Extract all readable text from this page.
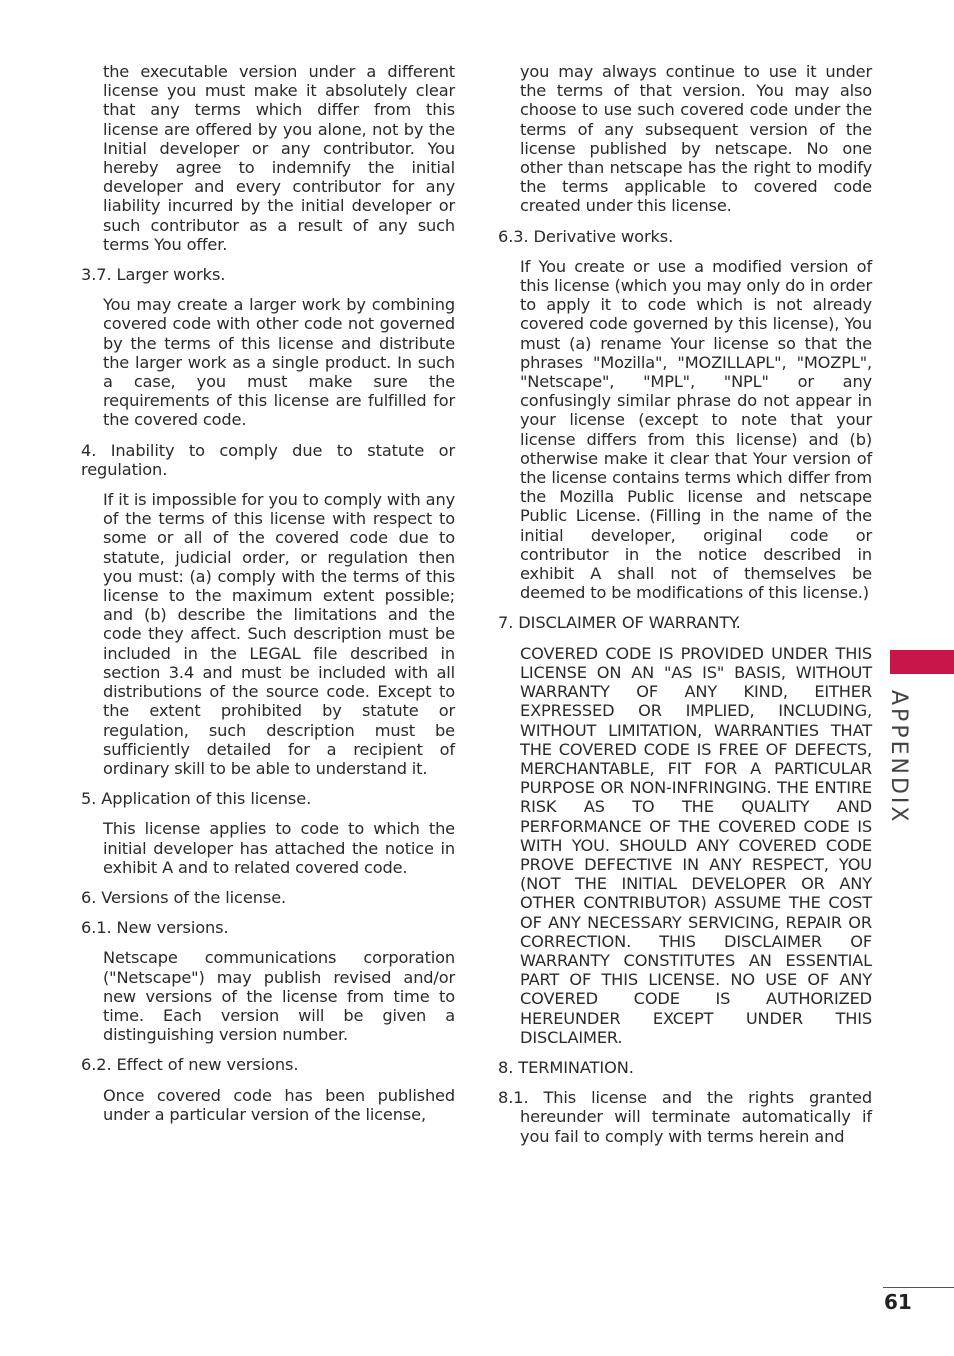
the executable version under a different license you must make it absolutely clear that any terms which differ from this license are offered by you alone, not by the Initial developer or any contributor. You hereby agree to indemnify the initial developer and every contributor for any liability incurred by the initial developer or such contributor as a result of any such terms You offer.

3.7. Larger works.

You may create a larger work by combining covered code with other code not governed by the terms of this license and distribute the larger work as a single product. In such a case, you must make sure the requirements of this license are fulfilled for the covered code.

4. Inability to comply due to statute or regulation.

If it is impossible for you to comply with any of the terms of this license with respect to some or all of the covered code due to statute, judicial order, or regulation then you must: (a) comply with the terms of this license to the maximum extent possible; and (b) describe the limitations and the code they affect. Such description must be included in the LEGAL file described in section 3.4 and must be included with all distributions of the source code. Except to the extent prohibited by statute or regulation, such description must be sufficiently detailed for a recipient of ordinary skill to be able to understand it.

5. Application of this license.

This license applies to code to which the initial developer has attached the notice in exhibit A and to related covered code.

6. Versions of the license.

6.1. New versions.

Netscape communications corporation ("Netscape") may publish revised and/or new versions of the license from time to time. Each version will be given a distinguishing version number.

6.2. Effect of new versions.

Once covered code has been published under a particular version of the license,

you may always continue to use it under the terms of that version. You may also choose to use such covered code under the terms of any subsequent version of the license published by netscape. No one other than netscape has the right to modify the terms applicable to covered code created under this license.

6.3. Derivative works.

If You create or use a modified version of this license (which you may only do in order to apply it to code which is not already covered code governed by this license), You must (a) rename Your license so that the phrases "Mozilla", "MOZILLAPL", "MOZPL", "Netscape", "MPL", "NPL" or any confusingly similar phrase do not appear in your license (except to note that your license differs from this license) and (b) otherwise make it clear that Your version of the license contains terms which differ from the Mozilla Public license and netscape Public License. (Filling in the name of the initial developer, original code or contributor in the notice described in exhibit A shall not of themselves be deemed to be modifications of this license.)

7. DISCLAIMER OF WARRANTY.

COVERED CODE IS PROVIDED UNDER THIS LICENSE ON AN "AS IS" BASIS, WITHOUT WARRANTY OF ANY KIND, EITHER EXPRESSED OR IMPLIED, INCLUDING, WITHOUT LIMITATION, WARRANTIES THAT THE COVERED CODE IS FREE OF DEFECTS, MERCHANTABLE, FIT FOR A PARTICULAR PURPOSE OR NON-INFRINGING. THE ENTIRE RISK AS TO THE QUALITY AND PERFORMANCE OF THE COVERED CODE IS WITH YOU. SHOULD ANY COVERED CODE PROVE DEFECTIVE IN ANY RESPECT, YOU (NOT THE INITIAL DEVELOPER OR ANY OTHER CONTRIBUTOR) ASSUME THE COST OF ANY NECESSARY SERVICING, REPAIR OR CORRECTION. THIS DISCLAIMER OF WARRANTY CONSTITUTES AN ESSENTIAL PART OF THIS LICENSE. NO USE OF ANY COVERED CODE IS AUTHORIZED HEREUNDER EXCEPT UNDER THIS DISCLAIMER.

8. TERMINATION.

8.1. This license and the rights granted hereunder will terminate automatically if you fail to comply with terms herein and

APPENDIX
61
